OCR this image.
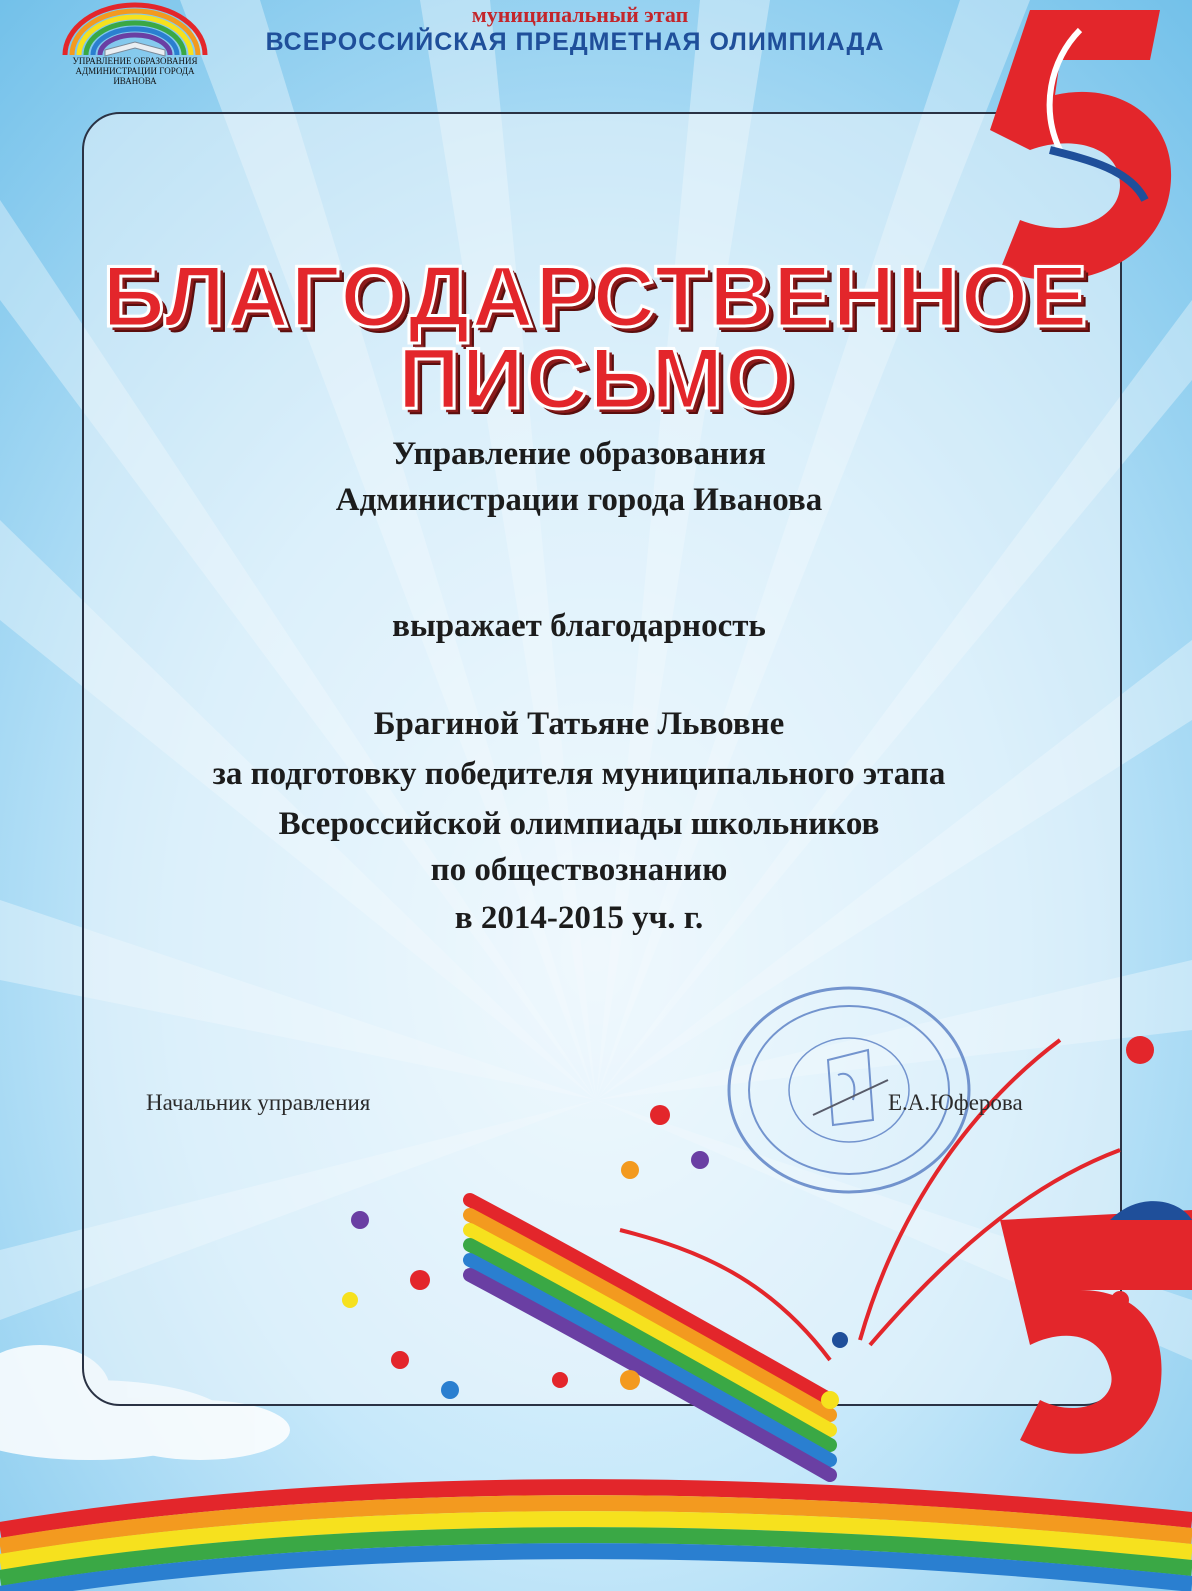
УПРАВЛЕНИЕ ОБРАЗОВАНИЯ АДМИНИСТРАЦИИ ГОРОДА ИВАНОВА
муниципальный этап
ВСЕРОССИЙСКАЯ ПРЕДМЕТНАЯ ОЛИМПИАДА
БЛАГОДАРСТВЕННОЕ
ПИСЬМО
Управление образования
Администрации города Иванова
выражает благодарность
Брагиной Татьяне Львовне
за подготовку победителя муниципального этапа
Всероссийской олимпиады школьников
по обществознанию
в 2014-2015 уч. г.
Начальник управления	Е.А.Юферова
